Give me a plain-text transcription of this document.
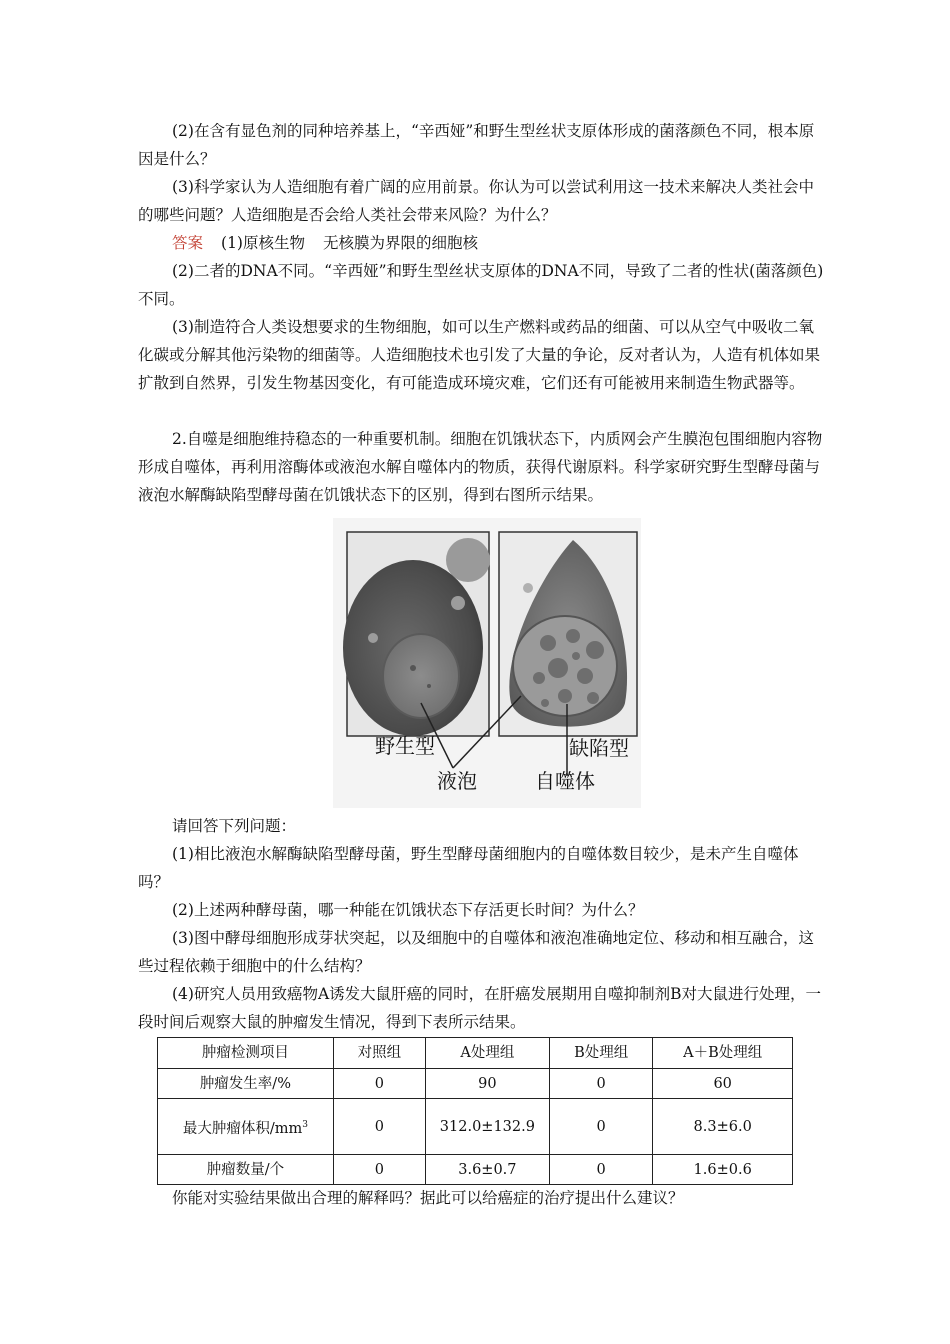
(2)在含有显色剂的同种培养基上，“辛西娅”和野生型丝状支原体形成的菌落颜色不同，根本原因是什么？

(3)科学家认为人造细胞有着广阔的应用前景。你认为可以尝试利用这一技术来解决人类社会中的哪些问题？人造细胞是否会给人类社会带来风险？为什么？

答案 (1)原核生物 无核膜为界限的细胞核

(2)二者的DNA不同。“辛西娅”和野生型丝状支原体的DNA不同，导致了二者的性状(菌落颜色)不同。

(3)制造符合人类设想要求的生物细胞，如可以生产燃料或药品的细菌、可以从空气中吸收二氧化碳或分解其他污染物的细菌等。人造细胞技术也引发了大量的争论，反对者认为，人造有机体如果扩散到自然界，引发生物基因变化，有可能造成环境灾难，它们还有可能被用来制造生物武器等。

2.自噬是细胞维持稳态的一种重要机制。细胞在饥饿状态下，内质网会产生膜泡包围细胞内容物形成自噬体，再利用溶酶体或液泡水解自噬体内的物质，获得代谢原料。科学家研究野生型酵母菌与液泡水解酶缺陷型酵母菌在饥饿状态下的区别，得到右图所示结果。

野生型	缺陷型
液泡	自噬体

请回答下列问题：

(1)相比液泡水解酶缺陷型酵母菌，野生型酵母菌细胞内的自噬体数目较少，是未产生自噬体吗？

(2)上述两种酵母菌，哪一种能在饥饿状态下存活更长时间？为什么？

(3)图中酵母细胞形成芽状突起，以及细胞中的自噬体和液泡准确地定位、移动和相互融合，这些过程依赖于细胞中的什么结构？

(4)研究人员用致癌物A诱发大鼠肝癌的同时，在肝癌发展期用自噬抑制剂B对大鼠进行处理，一段时间后观察大鼠的肿瘤发生情况，得到下表所示结果。

肿瘤检测项目	对照组	A处理组	B处理组	A＋B处理组
肿瘤发生率/%	0	90	0	60
最大肿瘤体积$/mm^3$	0	312.0±132.9	0	8.3±6.0
肿瘤数量/个	0	3.6±0.7	0	1.6±0.6

你能对实验结果做出合理的解释吗？据此可以给癌症的治疗提出什么建议？
